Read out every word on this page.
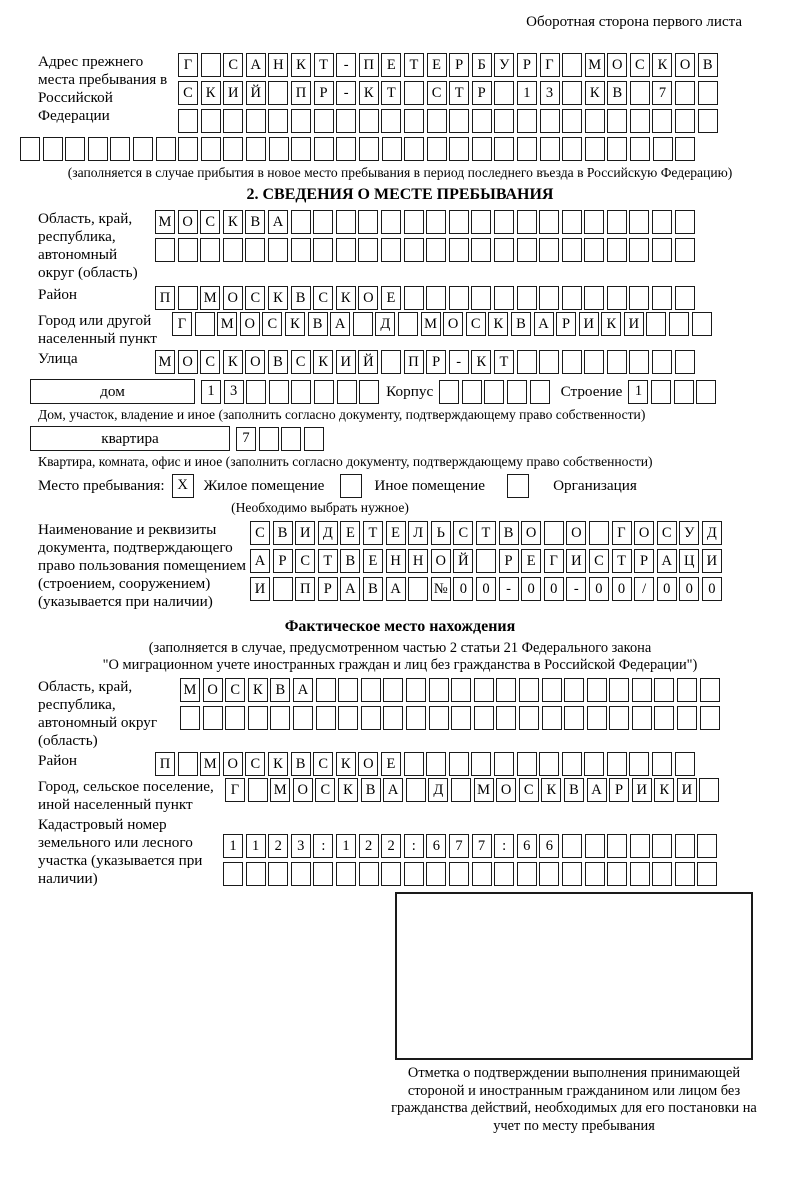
Оборотная сторона первого листа
Адрес прежнего места пребывания в Российской Федерации
Г	С А Н К Т	-	П Е Т Е Р Б У Р Г	М О С К О В
С К И Й	П Р	-	К Т	С Т Р	1	3	К В	7
(заполняется в случае прибытия в новое место пребывания в период последнего въезда в Российскую Федерацию)
2. СВЕДЕНИЯ О МЕСТЕ ПРЕБЫВАНИЯ
Область, край, республика, автономный округ (область)
М О С К В А
Район	П	М О С К В С К О Е
Город или другой населенный пункт
Г	М О С К В А	Д	М О С К В А Р И К И
Улица	М О С К О В С К И Й	П Р	-	К Т
дом	1	3	Корпус	Строение 1
Дом, участок, владение и иное (заполнить согласно документу, подтверждающему право собственности)
квартира	7
Квартира, комната, офис и иное (заполнить согласно документу, подтверждающему право собственности)
Место пребывания: X	Жилое помещение	Иное помещение	Организация
(Необходимо выбрать нужное)
Наименование и реквизиты документа, подтверждающего право пользования помещением (строением, сооружением) (указывается при наличии)
С В И Д Е Т Е Л Ь С Т В О	О	Г О С У Д
А Р С Т В Е Н Н О Й	Р Е Г И С Т Р А Ц И
И	П Р А В А	№ 0	0	-	0	0	-	0	0	/	0	0	0
Фактическое место нахождения
(заполняется в случае, предусмотренном частью 2 статьи 21 Федерального закона
"О миграционном учете иностранных граждан и лиц без гражданства в Российской Федерации")
Область, край, республика, автономный округ (область)
М О С К В А
Район	П	М О С К В С К О Е
Город, сельское поселение, иной населенный пункт
Г	М О С К В А	Д	М О С К В А Р И К И
Кадастровый номер земельного или лесного участка (указывается при наличии)
1	1	2	3	:	1	2	2	:	6	7	7	:	6	6
Отметка о подтверждении выполнения принимающей стороной и иностранным гражданином или лицом без гражданства действий, необходимых для его постановки на учет по месту пребывания
